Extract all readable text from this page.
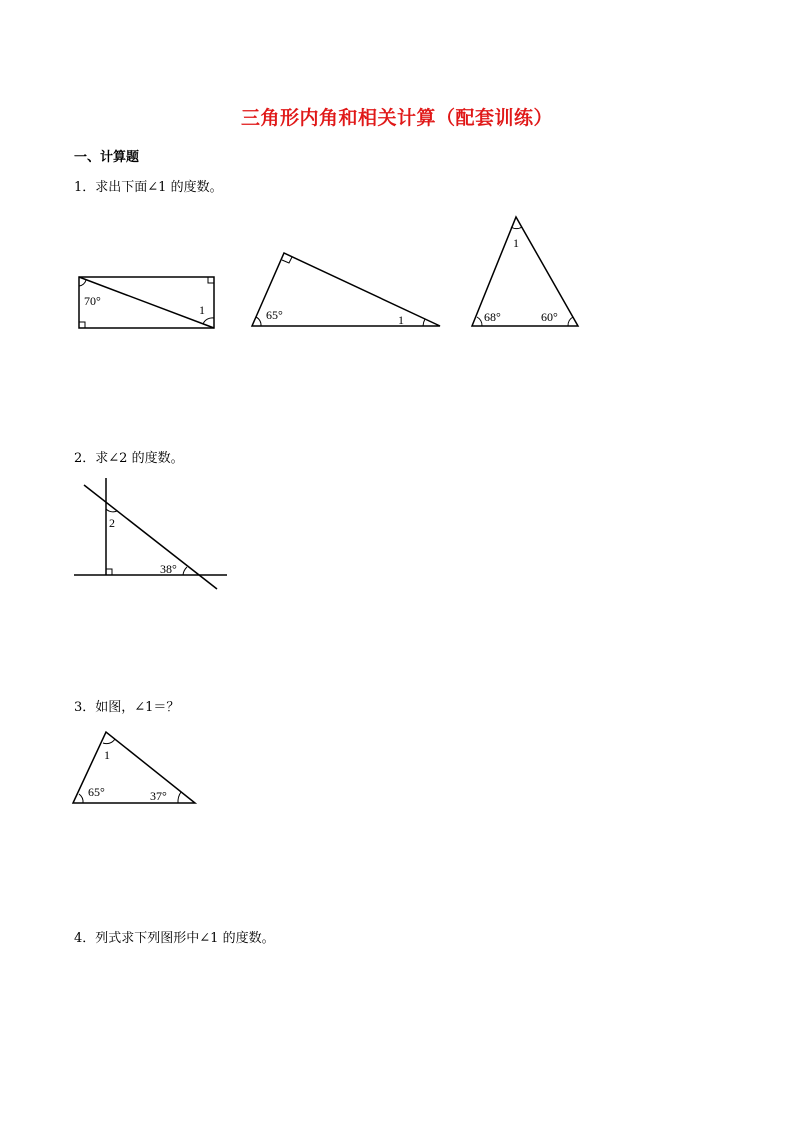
三角形内角和相关计算（配套训练）
一、计算题
1．求出下面∠1 的度数。
2．求∠2 的度数。
3．如图，∠1＝？
4．列式求下列图形中∠1 的度数。
70°
1	65°	1
1
68°	60°
2
38°
1
65°	37°
